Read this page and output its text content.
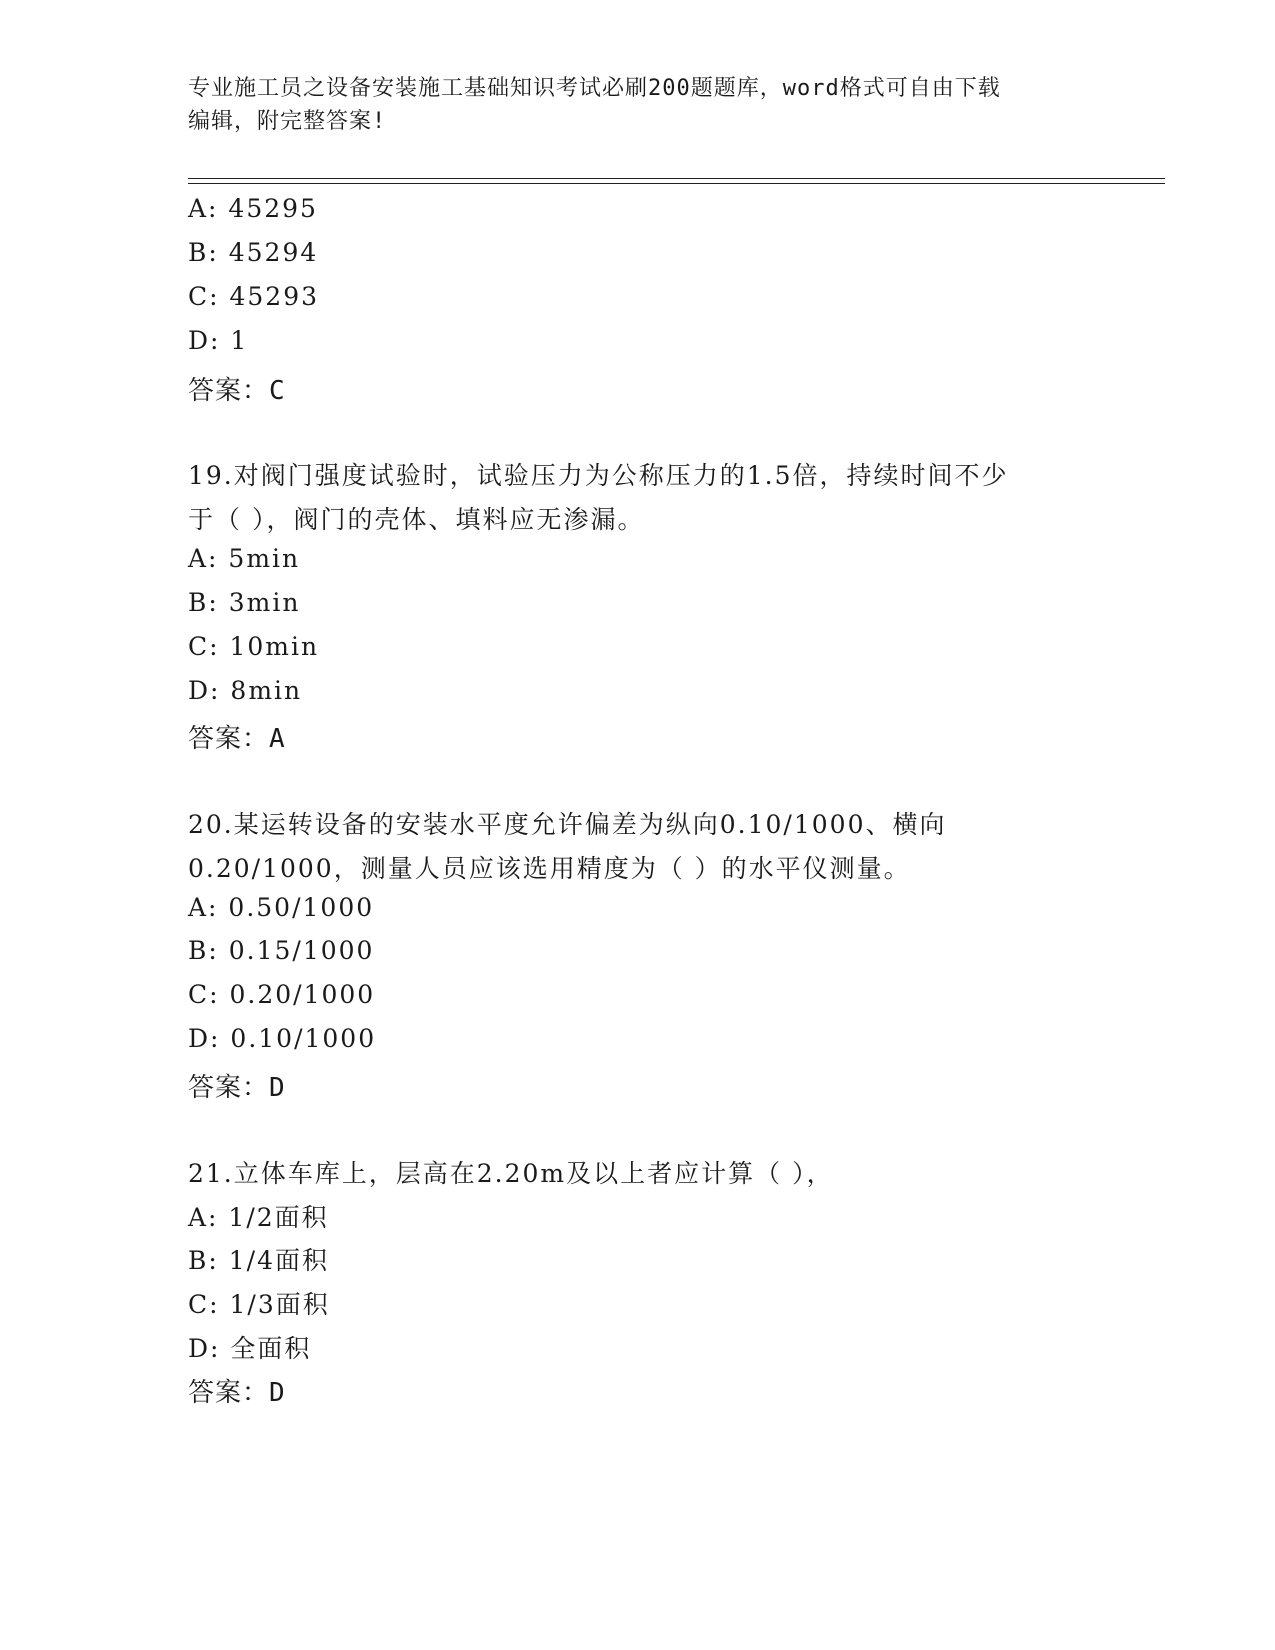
专业施工员之设备安装施工基础知识考试必刷200题题库，word格式可自由下载
编辑，附完整答案!
A: 45295
B: 45294
C: 45293
D: 1
答案：C
19.对阀门强度试验时，试验压力为公称压力的1.5倍，持续时间不少
于（ ），阀门的壳体、填料应无渗漏。
A: 5min
B: 3min
C: 10min
D: 8min
答案：A
20.某运转设备的安装水平度允许偏差为纵向0.10/1000、横向
0.20/1000，测量人员应该选用精度为（ ）的水平仪测量。
A: 0.50/1000
B: 0.15/1000
C: 0.20/1000
D: 0.10/1000
答案：D
21.立体车库上，层高在2.20m及以上者应计算（ ），
A: 1/2面积
B: 1/4面积
C: 1/3面积
D: 全面积
答案：D
